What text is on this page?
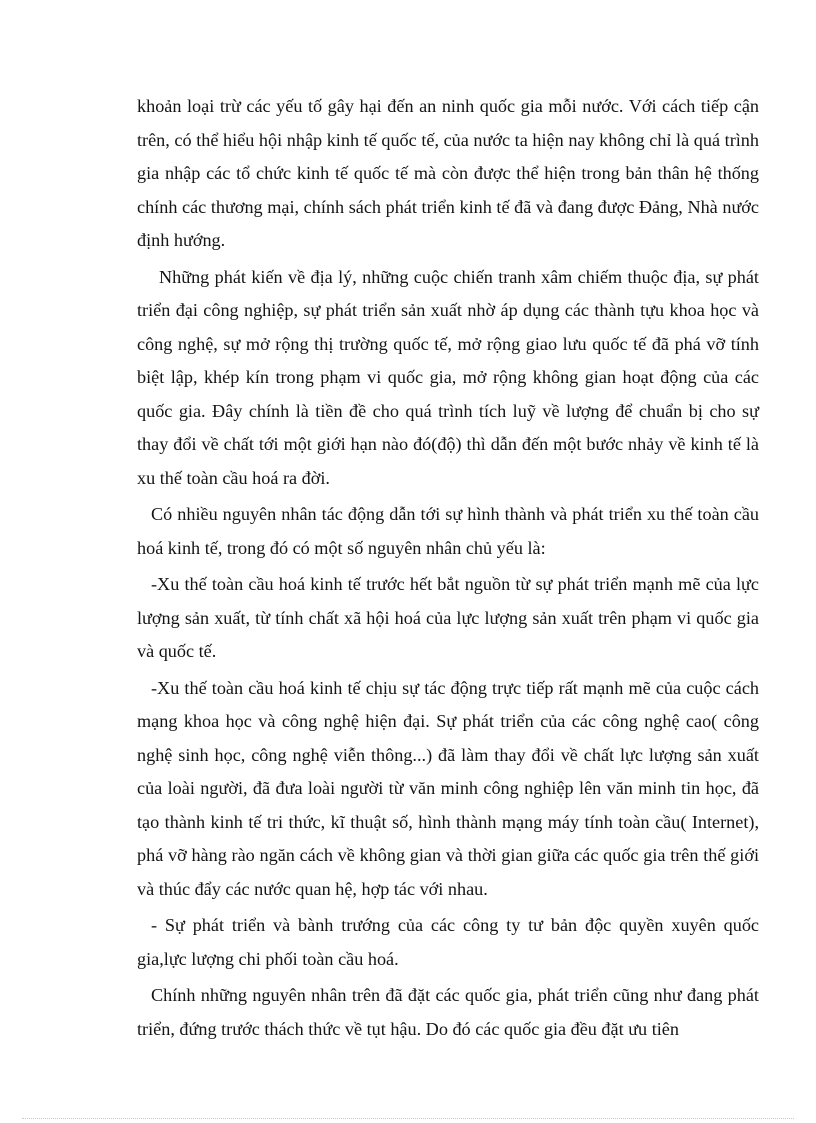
khoản loại trừ các yếu tố gây hại đến an ninh quốc gia mỗi nước. Với cách tiếp cận trên, có thể hiểu hội nhập kinh tế quốc tế, của nước ta hiện nay không chỉ là quá trình gia nhập các tổ chức kinh tế quốc tế mà còn được thể hiện trong bản thân hệ thống chính các thương mại, chính sách phát triển kinh tế đã và đang được Đảng, Nhà nước định hướng.

Những phát kiến về địa lý, những cuộc chiến tranh xâm chiếm thuộc địa, sự phát triển đại công nghiệp, sự phát triển sản xuất nhờ áp dụng các thành tựu khoa học và công nghệ, sự mở rộng thị trường quốc tế, mở rộng giao lưu quốc tế đã phá vỡ tính biệt lập, khép kín trong phạm vi quốc gia, mở rộng không gian hoạt động của các quốc gia. Đây chính là tiền đề cho quá trình tích luỹ về lượng để chuẩn bị cho sự thay đổi về chất tới một giới hạn nào đó(độ) thì dẫn đến một bước nhảy về kinh tế là xu thế toàn cầu hoá ra đời.

Có nhiều nguyên nhân tác động dẫn tới sự hình thành và phát triển xu thế toàn cầu hoá kinh tế, trong đó có một số nguyên nhân chủ yếu là:

-Xu thế toàn cầu hoá kinh tế trước hết bắt nguồn từ sự phát triển mạnh mẽ của lực lượng sản xuất, từ tính chất xã hội hoá của lực lượng sản xuất trên phạm vi quốc gia và quốc tế.

-Xu thế toàn cầu hoá kinh tế chịu sự tác động trực tiếp rất mạnh mẽ của cuộc cách mạng khoa học và công nghệ hiện đại. Sự phát triển của các công nghệ cao( công nghệ sinh học, công nghệ viễn thông...) đã làm thay đổi về chất lực lượng sản xuất của loài người, đã đưa loài người từ văn minh công nghiệp lên văn minh tin học, đã tạo thành kinh tế tri thức, kĩ thuật số, hình thành mạng máy tính toàn cầu( Internet), phá vỡ hàng rào ngăn cách về không gian và thời gian giữa các quốc gia trên thế giới và thúc đẩy các nước quan hệ, hợp tác với nhau.

- Sự phát triển và bành trướng của các công ty tư bản độc quyền xuyên quốc gia,lực lượng chi phối toàn cầu hoá.

Chính những nguyên nhân trên đã đặt các quốc gia, phát triển cũng như đang phát triển, đứng trước thách thức về tụt hậu. Do đó các quốc gia đều đặt ưu tiên
